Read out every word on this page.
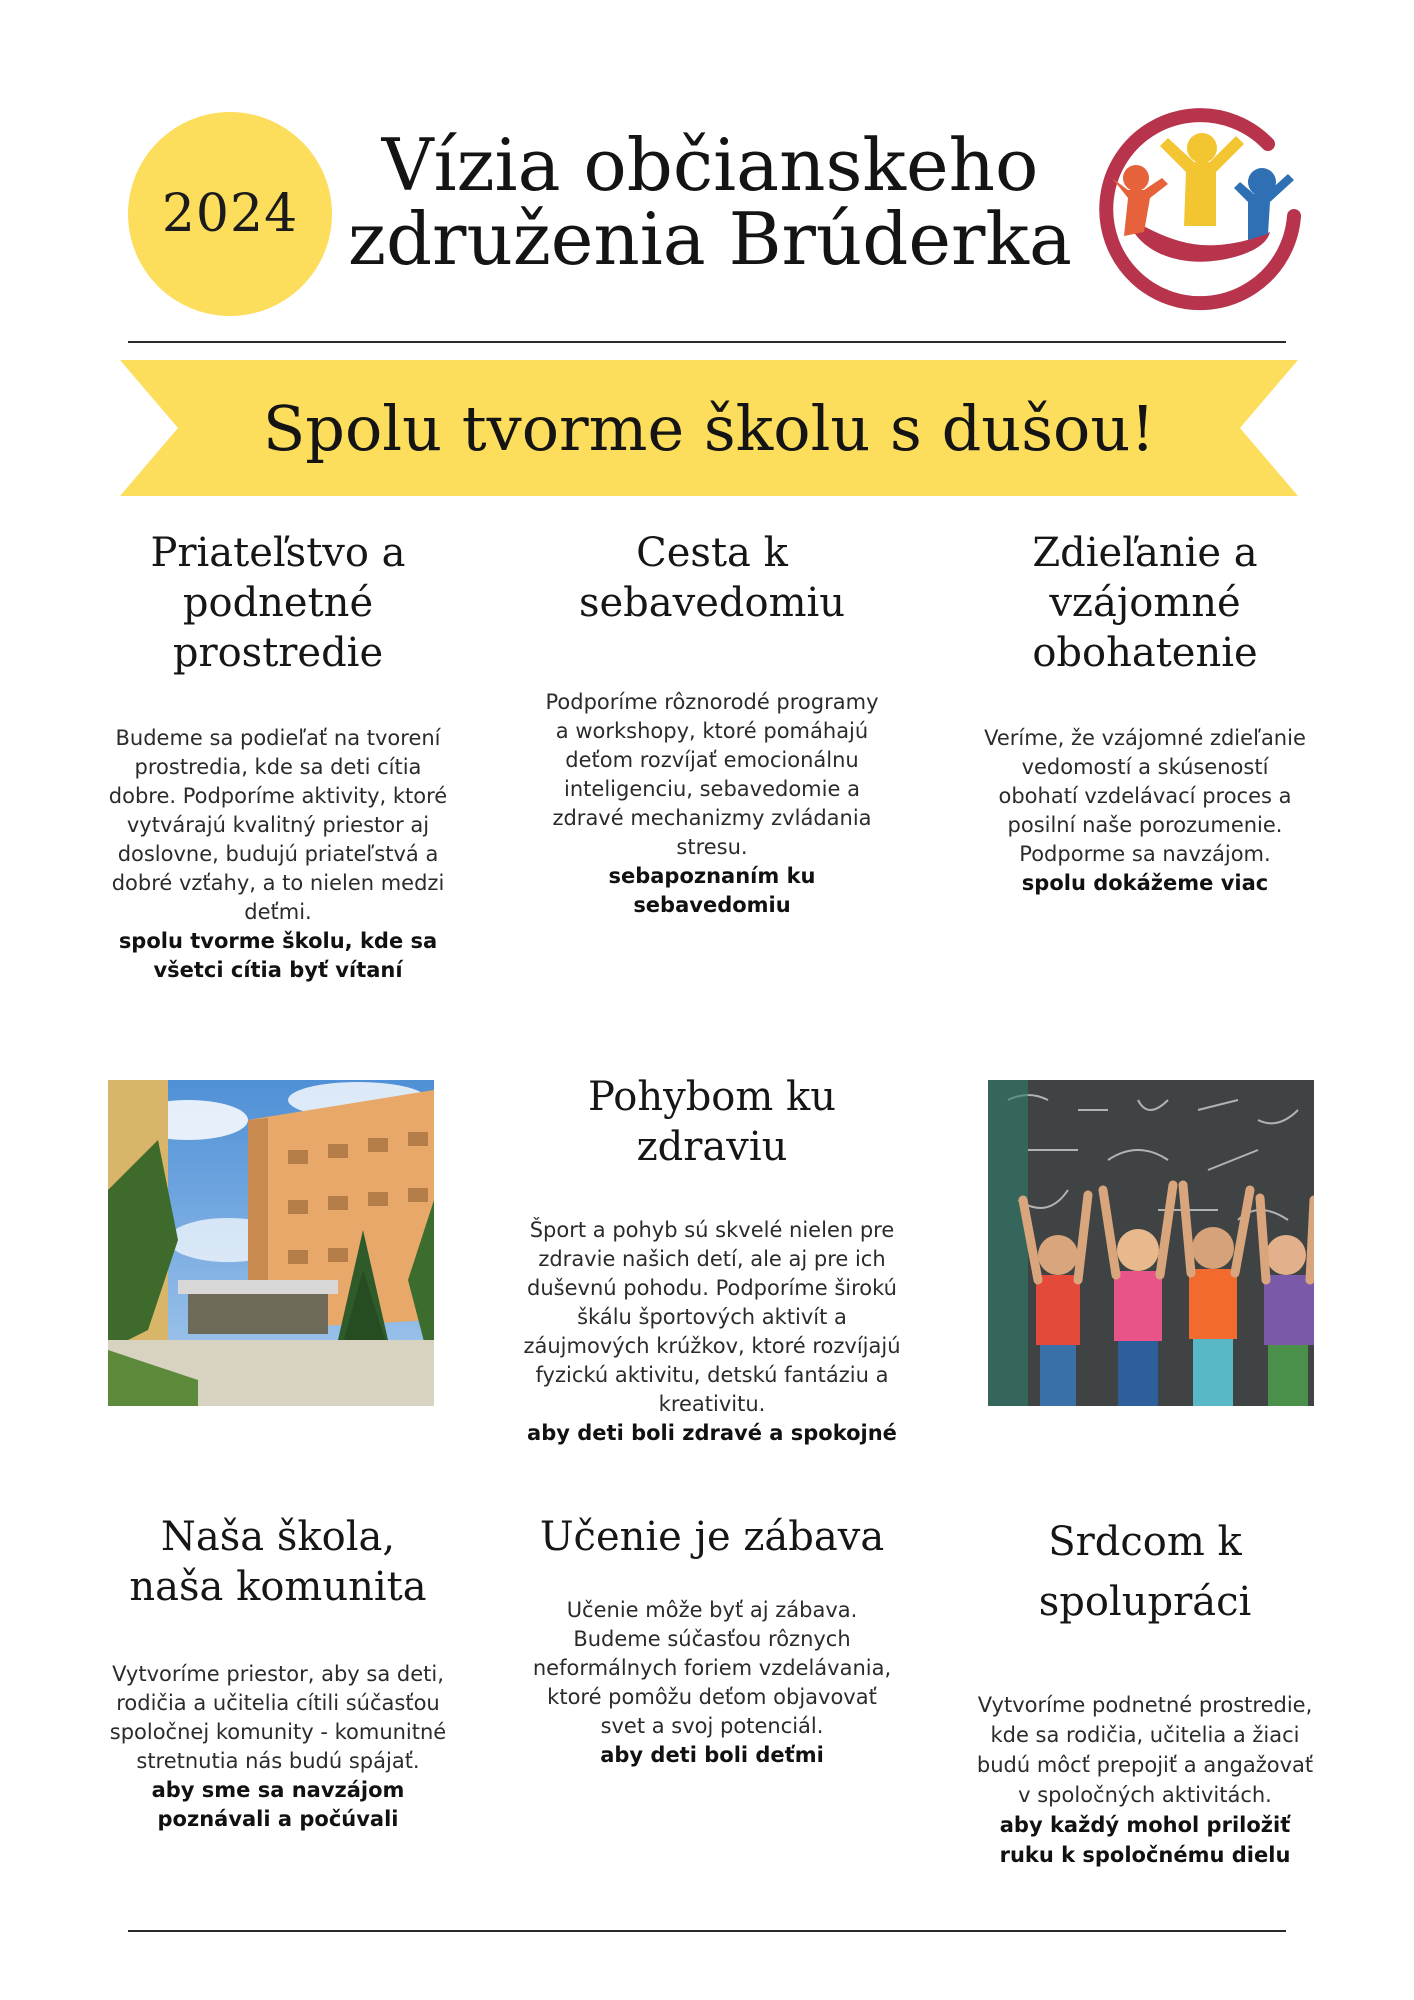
2024
Vízia občianskeho
združenia Brúderka
Spolu tvorme školu s dušou!
Priateľstvo a podnetné prostredie

Budeme sa podieľať na tvorení prostredia, kde sa deti cítia dobre. Podporíme aktivity, ktoré vytvárajú kvalitný priestor aj doslovne, budujú priateľstvá a dobré vzťahy, a to nielen medzi deťmi.

spolu tvorme školu, kde sa všetci cítia byť vítaní

Cesta k sebavedomiu

Podporíme rôznorodé programy a workshopy, ktoré pomáhajú deťom rozvíjať emocionálnu inteligenciu, sebavedomie a zdravé mechanizmy zvládania stresu.

sebapoznaním ku sebavedomiu

Zdieľanie a vzájomné obohatenie

Veríme, že vzájomné zdieľanie vedomostí a skúseností obohatí vzdelávací proces a posilní naše porozumenie. Podporme sa navzájom.

spolu dokážeme viac

Pohybom ku zdraviu

Šport a pohyb sú skvelé nielen pre zdravie našich detí, ale aj pre ich duševnú pohodu. Podporíme širokú škálu športových aktivít a záujmových krúžkov, ktoré rozvíjajú fyzickú aktivitu, detskú fantáziu a kreativitu.

aby deti boli zdravé a spokojné

Naša škola, naša komunita

Vytvoríme priestor, aby sa deti, rodičia a učitelia cítili súčasťou spoločnej komunity - komunitné stretnutia nás budú spájať.

aby sme sa navzájom poznávali a počúvali

Učenie je zábava

Učenie môže byť aj zábava. Budeme súčasťou rôznych neformálnych foriem vzdelávania, ktoré pomôžu deťom objavovať svet a svoj potenciál.

aby deti boli deťmi

Srdcom k spolupráci

Vytvoríme podnetné prostredie, kde sa rodičia, učitelia a žiaci budú môcť prepojiť a angažovať v spoločných aktivitách.

aby každý mohol priložiť ruku k spoločnému dielu
